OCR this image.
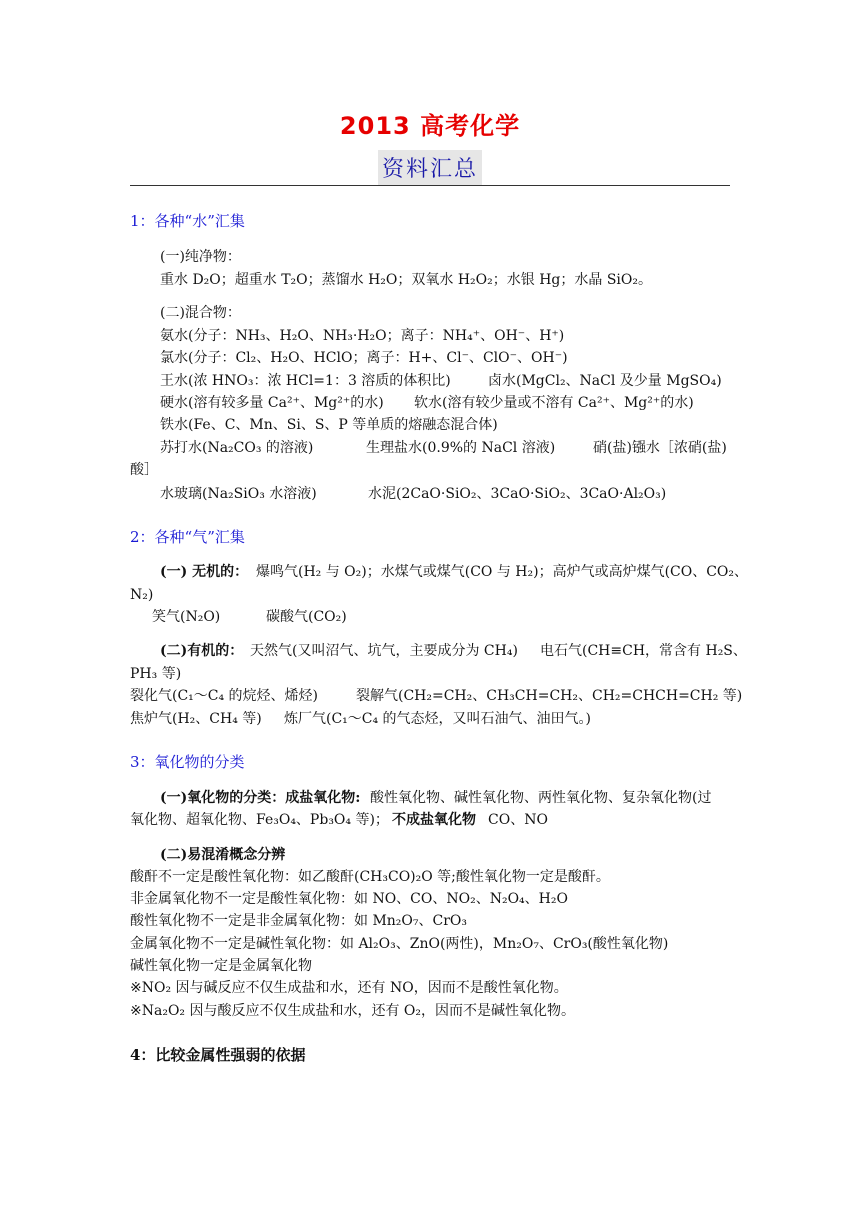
2013 高考化学
资料汇总
1：各种“水”汇集
(一)纯净物：
重水 D₂O；超重水 T₂O；蒸馏水 H₂O；双氧水 H₂O₂；水银 Hg；水晶 SiO₂。
(二)混合物：
氨水(分子：NH₃、H₂O、NH₃·H₂O；离子：NH₄⁺、OH⁻、H⁺)
氯水(分子：Cl₂、H₂O、HClO；离子：H+、Cl⁻、ClO⁻、OH⁻)
王水(浓 HNO₃：浓 HCl=1：3 溶质的体积比)	卤水(MgCl₂、NaCl 及少量 MgSO₄)
硬水(溶有较多量 Ca²⁺、Mg²⁺的水) 软水(溶有较少量或不溶有 Ca²⁺、Mg²⁺的水)
铁水(Fe、C、Mn、Si、S、P 等单质的熔融态混合体)
苏打水(Na₂CO₃ 的溶液)	生理盐水(0.9%的 NaCl 溶液)	硝(盐)镪水［浓硝(盐)
酸］
水玻璃(Na₂SiO₃ 水溶液)	水泥(2CaO·SiO₂、3CaO·SiO₂、3CaO·Al₂O₃)
2：各种“气”汇集
(一) 无机的： 爆鸣气(H₂ 与 O₂)；水煤气或煤气(CO 与 H₂)；高炉气或高炉煤气(CO、CO₂、
N₂)
笑气(N₂O)	碳酸气(CO₂)
(二)有机的： 天然气(又叫沼气、坑气，主要成分为 CH₄) 电石气(CH≡CH，常含有 H₂S、
PH₃ 等)
裂化气(C₁～C₄ 的烷烃、烯烃)	裂解气(CH₂=CH₂、CH₃CH=CH₂、CH₂=CHCH=CH₂ 等)
焦炉气(H₂、CH₄ 等) 炼厂气(C₁～C₄ 的气态烃，又叫石油气、油田气。)
3：氧化物的分类
(一)氧化物的分类：成盐氧化物: 酸性氧化物、碱性氧化物、两性氧化物、复杂氧化物(过
氧化物、超氧化物、Fe₃O₄、Pb₃O₄ 等)； 不成盐氧化物 CO、NO
(二)易混淆概念分辨
酸酐不一定是酸性氧化物：如乙酸酐(CH₃CO)₂O 等;酸性氧化物一定是酸酐。
非金属氧化物不一定是酸性氧化物：如 NO、CO、NO₂、N₂O₄、H₂O
酸性氧化物不一定是非金属氧化物：如 Mn₂O₇、CrO₃
金属氧化物不一定是碱性氧化物：如 Al₂O₃、ZnO(两性)，Mn₂O₇、CrO₃(酸性氧化物)
碱性氧化物一定是金属氧化物
※NO₂ 因与碱反应不仅生成盐和水，还有 NO，因而不是酸性氧化物。
※Na₂O₂ 因与酸反应不仅生成盐和水，还有 O₂，因而不是碱性氧化物。
4：比较金属性强弱的依据
